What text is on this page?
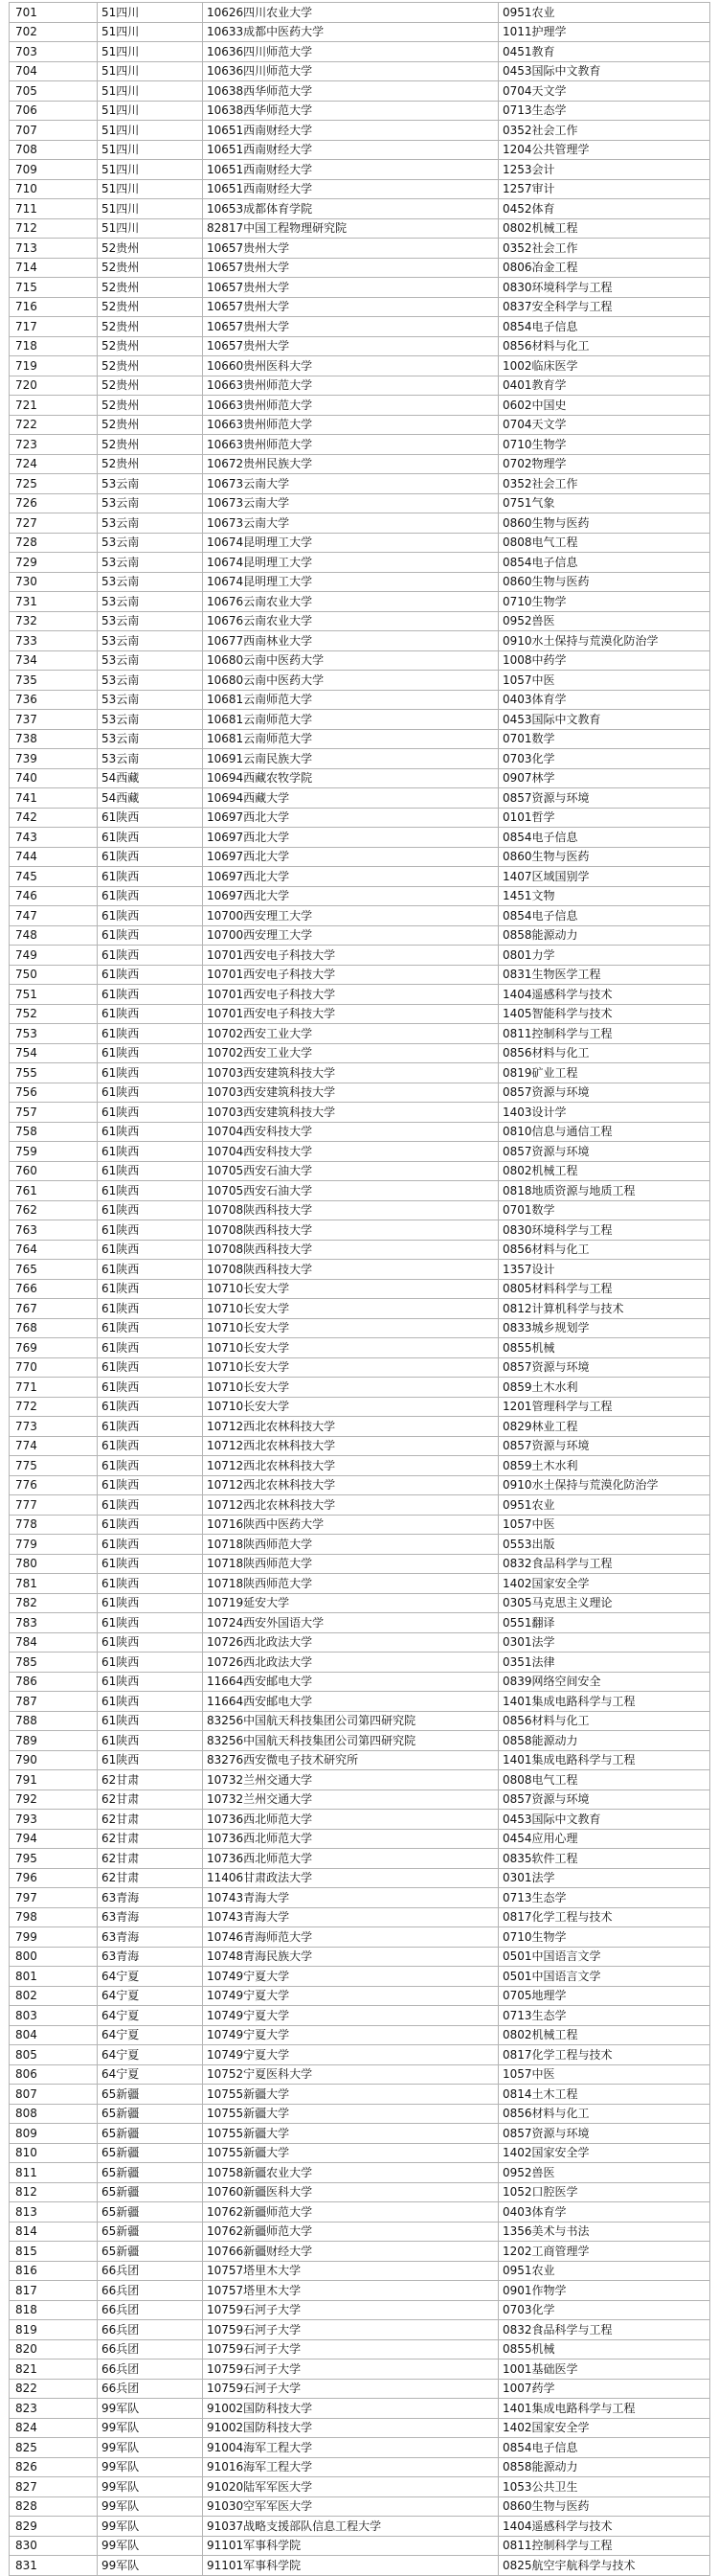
701	51四川	10626四川农业大学	0951农业
702	51四川	10633成都中医药大学	1011护理学
703	51四川	10636四川师范大学	0451教育
704	51四川	10636四川师范大学	0453国际中文教育
705	51四川	10638西华师范大学	0704天文学
706	51四川	10638西华师范大学	0713生态学
707	51四川	10651西南财经大学	0352社会工作
708	51四川	10651西南财经大学	1204公共管理学
709	51四川	10651西南财经大学	1253会计
710	51四川	10651西南财经大学	1257审计
711	51四川	10653成都体育学院	0452体育
712	51四川	82817中国工程物理研究院	0802机械工程
713	52贵州	10657贵州大学	0352社会工作
714	52贵州	10657贵州大学	0806冶金工程
715	52贵州	10657贵州大学	0830环境科学与工程
716	52贵州	10657贵州大学	0837安全科学与工程
717	52贵州	10657贵州大学	0854电子信息
718	52贵州	10657贵州大学	0856材料与化工
719	52贵州	10660贵州医科大学	1002临床医学
720	52贵州	10663贵州师范大学	0401教育学
721	52贵州	10663贵州师范大学	0602中国史
722	52贵州	10663贵州师范大学	0704天文学
723	52贵州	10663贵州师范大学	0710生物学
724	52贵州	10672贵州民族大学	0702物理学
725	53云南	10673云南大学	0352社会工作
726	53云南	10673云南大学	0751气象
727	53云南	10673云南大学	0860生物与医药
728	53云南	10674昆明理工大学	0808电气工程
729	53云南	10674昆明理工大学	0854电子信息
730	53云南	10674昆明理工大学	0860生物与医药
731	53云南	10676云南农业大学	0710生物学
732	53云南	10676云南农业大学	0952兽医
733	53云南	10677西南林业大学	0910水土保持与荒漠化防治学
734	53云南	10680云南中医药大学	1008中药学
735	53云南	10680云南中医药大学	1057中医
736	53云南	10681云南师范大学	0403体育学
737	53云南	10681云南师范大学	0453国际中文教育
738	53云南	10681云南师范大学	0701数学
739	53云南	10691云南民族大学	0703化学
740	54西藏	10694西藏农牧学院	0907林学
741	54西藏	10694西藏大学	0857资源与环境
742	61陕西	10697西北大学	0101哲学
743	61陕西	10697西北大学	0854电子信息
744	61陕西	10697西北大学	0860生物与医药
745	61陕西	10697西北大学	1407区域国别学
746	61陕西	10697西北大学	1451文物
747	61陕西	10700西安理工大学	0854电子信息
748	61陕西	10700西安理工大学	0858能源动力
749	61陕西	10701西安电子科技大学	0801力学
750	61陕西	10701西安电子科技大学	0831生物医学工程
751	61陕西	10701西安电子科技大学	1404遥感科学与技术
752	61陕西	10701西安电子科技大学	1405智能科学与技术
753	61陕西	10702西安工业大学	0811控制科学与工程
754	61陕西	10702西安工业大学	0856材料与化工
755	61陕西	10703西安建筑科技大学	0819矿业工程
756	61陕西	10703西安建筑科技大学	0857资源与环境
757	61陕西	10703西安建筑科技大学	1403设计学
758	61陕西	10704西安科技大学	0810信息与通信工程
759	61陕西	10704西安科技大学	0857资源与环境
760	61陕西	10705西安石油大学	0802机械工程
761	61陕西	10705西安石油大学	0818地质资源与地质工程
762	61陕西	10708陕西科技大学	0701数学
763	61陕西	10708陕西科技大学	0830环境科学与工程
764	61陕西	10708陕西科技大学	0856材料与化工
765	61陕西	10708陕西科技大学	1357设计
766	61陕西	10710长安大学	0805材料科学与工程
767	61陕西	10710长安大学	0812计算机科学与技术
768	61陕西	10710长安大学	0833城乡规划学
769	61陕西	10710长安大学	0855机械
770	61陕西	10710长安大学	0857资源与环境
771	61陕西	10710长安大学	0859土木水利
772	61陕西	10710长安大学	1201管理科学与工程
773	61陕西	10712西北农林科技大学	0829林业工程
774	61陕西	10712西北农林科技大学	0857资源与环境
775	61陕西	10712西北农林科技大学	0859土木水利
776	61陕西	10712西北农林科技大学	0910水土保持与荒漠化防治学
777	61陕西	10712西北农林科技大学	0951农业
778	61陕西	10716陕西中医药大学	1057中医
779	61陕西	10718陕西师范大学	0553出版
780	61陕西	10718陕西师范大学	0832食品科学与工程
781	61陕西	10718陕西师范大学	1402国家安全学
782	61陕西	10719延安大学	0305马克思主义理论
783	61陕西	10724西安外国语大学	0551翻译
784	61陕西	10726西北政法大学	0301法学
785	61陕西	10726西北政法大学	0351法律
786	61陕西	11664西安邮电大学	0839网络空间安全
787	61陕西	11664西安邮电大学	1401集成电路科学与工程
788	61陕西	83256中国航天科技集团公司第四研究院	0856材料与化工
789	61陕西	83256中国航天科技集团公司第四研究院	0858能源动力
790	61陕西	83276西安微电子技术研究所	1401集成电路科学与工程
791	62甘肃	10732兰州交通大学	0808电气工程
792	62甘肃	10732兰州交通大学	0857资源与环境
793	62甘肃	10736西北师范大学	0453国际中文教育
794	62甘肃	10736西北师范大学	0454应用心理
795	62甘肃	10736西北师范大学	0835软件工程
796	62甘肃	11406甘肃政法大学	0301法学
797	63青海	10743青海大学	0713生态学
798	63青海	10743青海大学	0817化学工程与技术
799	63青海	10746青海师范大学	0710生物学
800	63青海	10748青海民族大学	0501中国语言文学
801	64宁夏	10749宁夏大学	0501中国语言文学
802	64宁夏	10749宁夏大学	0705地理学
803	64宁夏	10749宁夏大学	0713生态学
804	64宁夏	10749宁夏大学	0802机械工程
805	64宁夏	10749宁夏大学	0817化学工程与技术
806	64宁夏	10752宁夏医科大学	1057中医
807	65新疆	10755新疆大学	0814土木工程
808	65新疆	10755新疆大学	0856材料与化工
809	65新疆	10755新疆大学	0857资源与环境
810	65新疆	10755新疆大学	1402国家安全学
811	65新疆	10758新疆农业大学	0952兽医
812	65新疆	10760新疆医科大学	1052口腔医学
813	65新疆	10762新疆师范大学	0403体育学
814	65新疆	10762新疆师范大学	1356美术与书法
815	65新疆	10766新疆财经大学	1202工商管理学
816	66兵团	10757塔里木大学	0951农业
817	66兵团	10757塔里木大学	0901作物学
818	66兵团	10759石河子大学	0703化学
819	66兵团	10759石河子大学	0832食品科学与工程
820	66兵团	10759石河子大学	0855机械
821	66兵团	10759石河子大学	1001基础医学
822	66兵团	10759石河子大学	1007药学
823	99军队	91002国防科技大学	1401集成电路科学与工程
824	99军队	91002国防科技大学	1402国家安全学
825	99军队	91004海军工程大学	0854电子信息
826	99军队	91016海军工程大学	0858能源动力
827	99军队	91020陆军军医大学	1053公共卫生
828	99军队	91030空军军医大学	0860生物与医药
829	99军队	91037战略支援部队信息工程大学	1404遥感科学与技术
830	99军队	91101军事科学院	0811控制科学与工程
831	99军队	91101军事科学院	0825航空宇航科学与技术
